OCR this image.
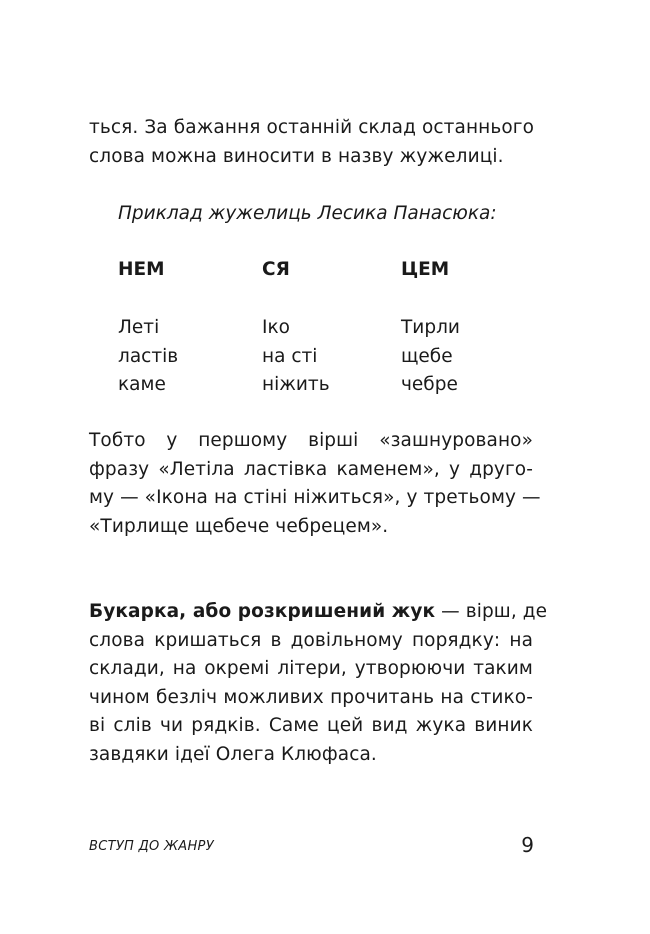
ться. За бажання останній склад останнього
слова можна виносити в назву жужелиці.

Приклад жужелиць Лесика Панасюка:

НЕМ
Леті
ластів
каме
СЯ
Іко
на сті
ніжить
ЦЕМ
Тирли
щебе
чебре

Тобто у першому вірші «зашнуровано»
фразу «Летіла ластівка каменем», у друго-
му — «Ікона на стіні ніжиться», у третьому —
«Тирлище щебече чебрецем».

Букарка, або розкришений жук — вірш, де
слова кришаться в довільному порядку: на
склади, на окремі літери, утворюючи таким
чином безліч можливих прочитань на стико-
ві слів чи рядків. Саме цей вид жука виник
завдяки ідеї Олега Клюфаса.

ВСТУП ДО ЖАНРУ	9
